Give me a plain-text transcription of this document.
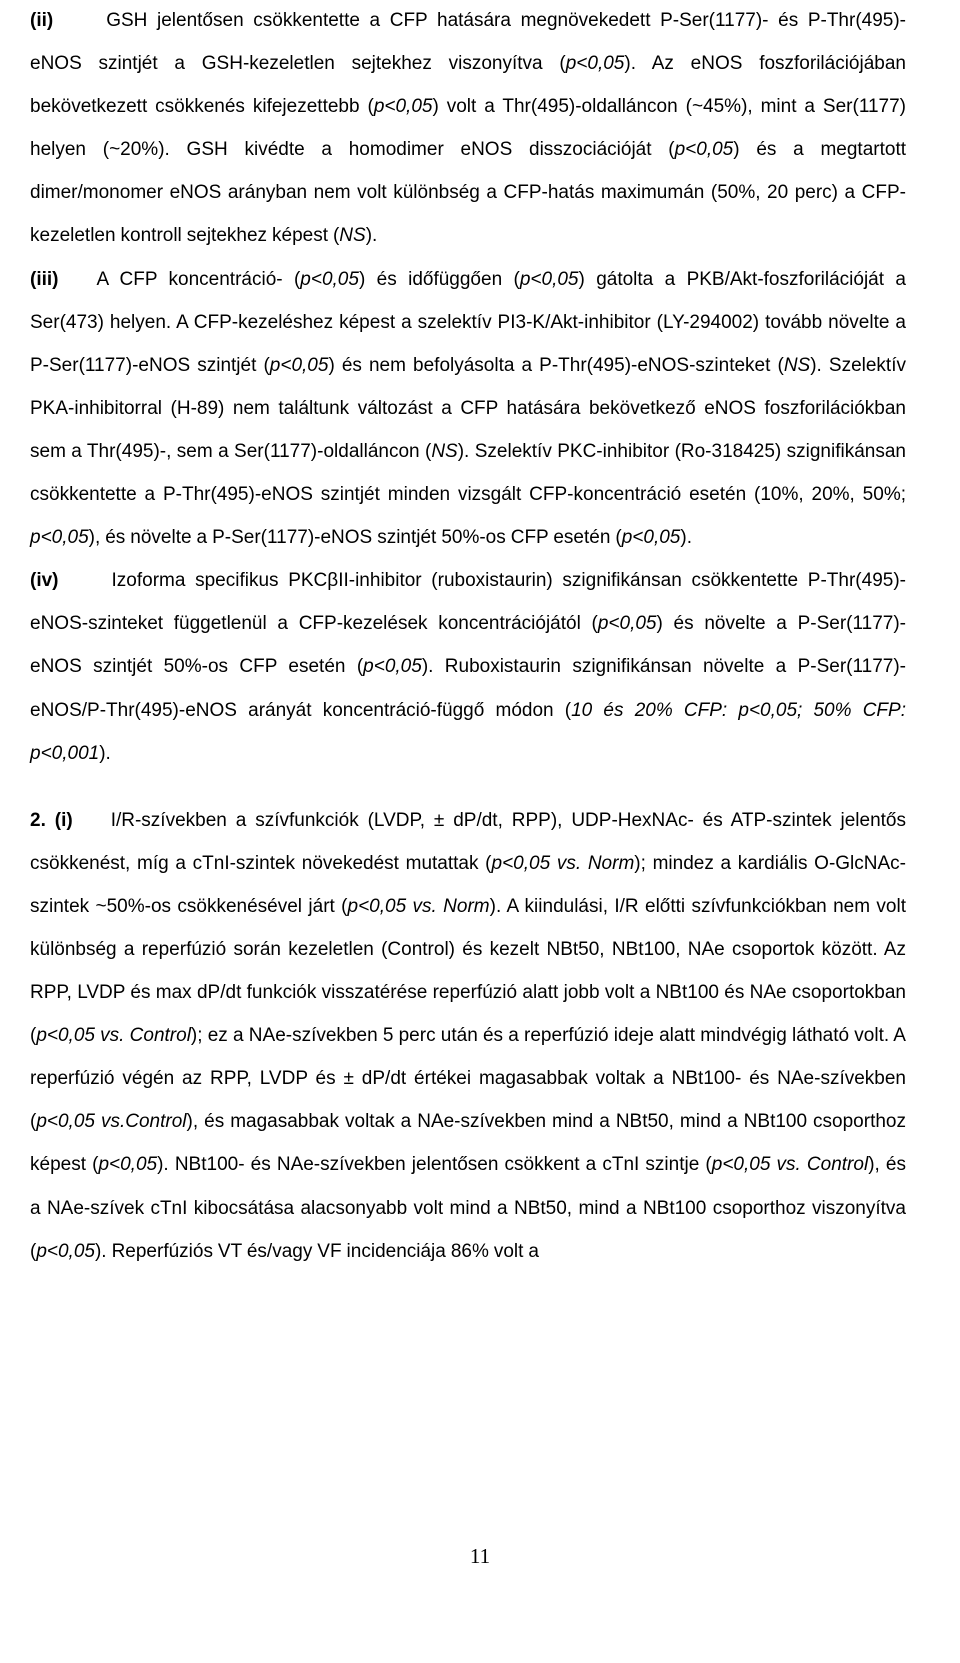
(ii)	GSH jelentősen csökkentette a CFP hatására megnövekedett P-Ser(1177)- és P-Thr(495)-eNOS szintjét a GSH-kezeletlen sejtekhez viszonyítva (p<0,05). Az eNOS foszforilációjában bekövetkezett csökkenés kifejezettebb (p<0,05) volt a Thr(495)-oldalláncon (~45%), mint a Ser(1177) helyen (~20%). GSH kivédte a homodimer eNOS disszociációját (p<0,05) és a megtartott dimer/monomer eNOS arányban nem volt különbség a CFP-hatás maximumán (50%, 20 perc) a CFP-kezeletlen kontroll sejtekhez képest (NS).

(iii) A CFP koncentráció- (p<0,05) és időfüggően (p<0,05) gátolta a PKB/Akt-foszforilációját a Ser(473) helyen. A CFP-kezeléshez képest a szelektív PI3-K/Akt-inhibitor (LY-294002) tovább növelte a P-Ser(1177)-eNOS szintjét (p<0,05) és nem befolyásolta a P-Thr(495)-eNOS-szinteket (NS). Szelektív PKA-inhibitorral (H-89) nem találtunk változást a CFP hatására bekövetkező eNOS foszforilációkban sem a Thr(495)-, sem a Ser(1177)-oldalláncon (NS). Szelektív PKC-inhibitor (Ro-318425) szignifikánsan csökkentette a P-Thr(495)-eNOS szintjét minden vizsgált CFP-koncentráció esetén (10%, 20%, 50%; p<0,05), és növelte a P-Ser(1177)-eNOS szintjét 50%-os CFP esetén (p<0,05).

(iv)	Izoforma specifikus PKCβII-inhibitor (ruboxistaurin) szignifikánsan csökkentette P-Thr(495)-eNOS-szinteket függetlenül a CFP-kezelések koncentrációjától (p<0,05) és növelte a P-Ser(1177)-eNOS szintjét 50%-os CFP esetén (p<0,05). Ruboxistaurin szignifikánsan növelte a P-Ser(1177)-eNOS/P-Thr(495)-eNOS arányát koncentráció-függő módon (10 és 20% CFP: p<0,05; 50% CFP: p<0,001).

2. (i) I/R-szívekben a szívfunkciók (LVDP, ± dP/dt, RPP), UDP-HexNAc- és ATP-szintek jelentős csökkenést, míg a cTnI-szintek növekedést mutattak (p<0,05 vs. Norm); mindez a kardiális O-GlcNAc-szintek ~50%-os csökkenésével járt (p<0,05 vs. Norm). A kiindulási, I/R előtti szívfunkciókban nem volt különbség a reperfúzió során kezeletlen (Control) és kezelt NBt50, NBt100, NAe csoportok között. Az RPP, LVDP és max dP/dt funkciók visszatérése reperfúzió alatt jobb volt a NBt100 és NAe csoportokban (p<0,05 vs. Control); ez a NAe-szívekben 5 perc után és a reperfúzió ideje alatt mindvégig látható volt. A reperfúzió végén az RPP, LVDP és ± dP/dt értékei magasabbak voltak a NBt100- és NAe-szívekben (p<0,05 vs.Control), és magasabbak voltak a NAe-szívekben mind a NBt50, mind a NBt100 csoporthoz képest (p<0,05). NBt100- és NAe-szívekben jelentősen csökkent a cTnI szintje (p<0,05 vs. Control), és a NAe-szívek cTnI kibocsátása alacsonyabb volt mind a NBt50, mind a NBt100 csoporthoz viszonyítva (p<0,05). Reperfúziós VT és/vagy VF incidenciája 86% volt a

11
